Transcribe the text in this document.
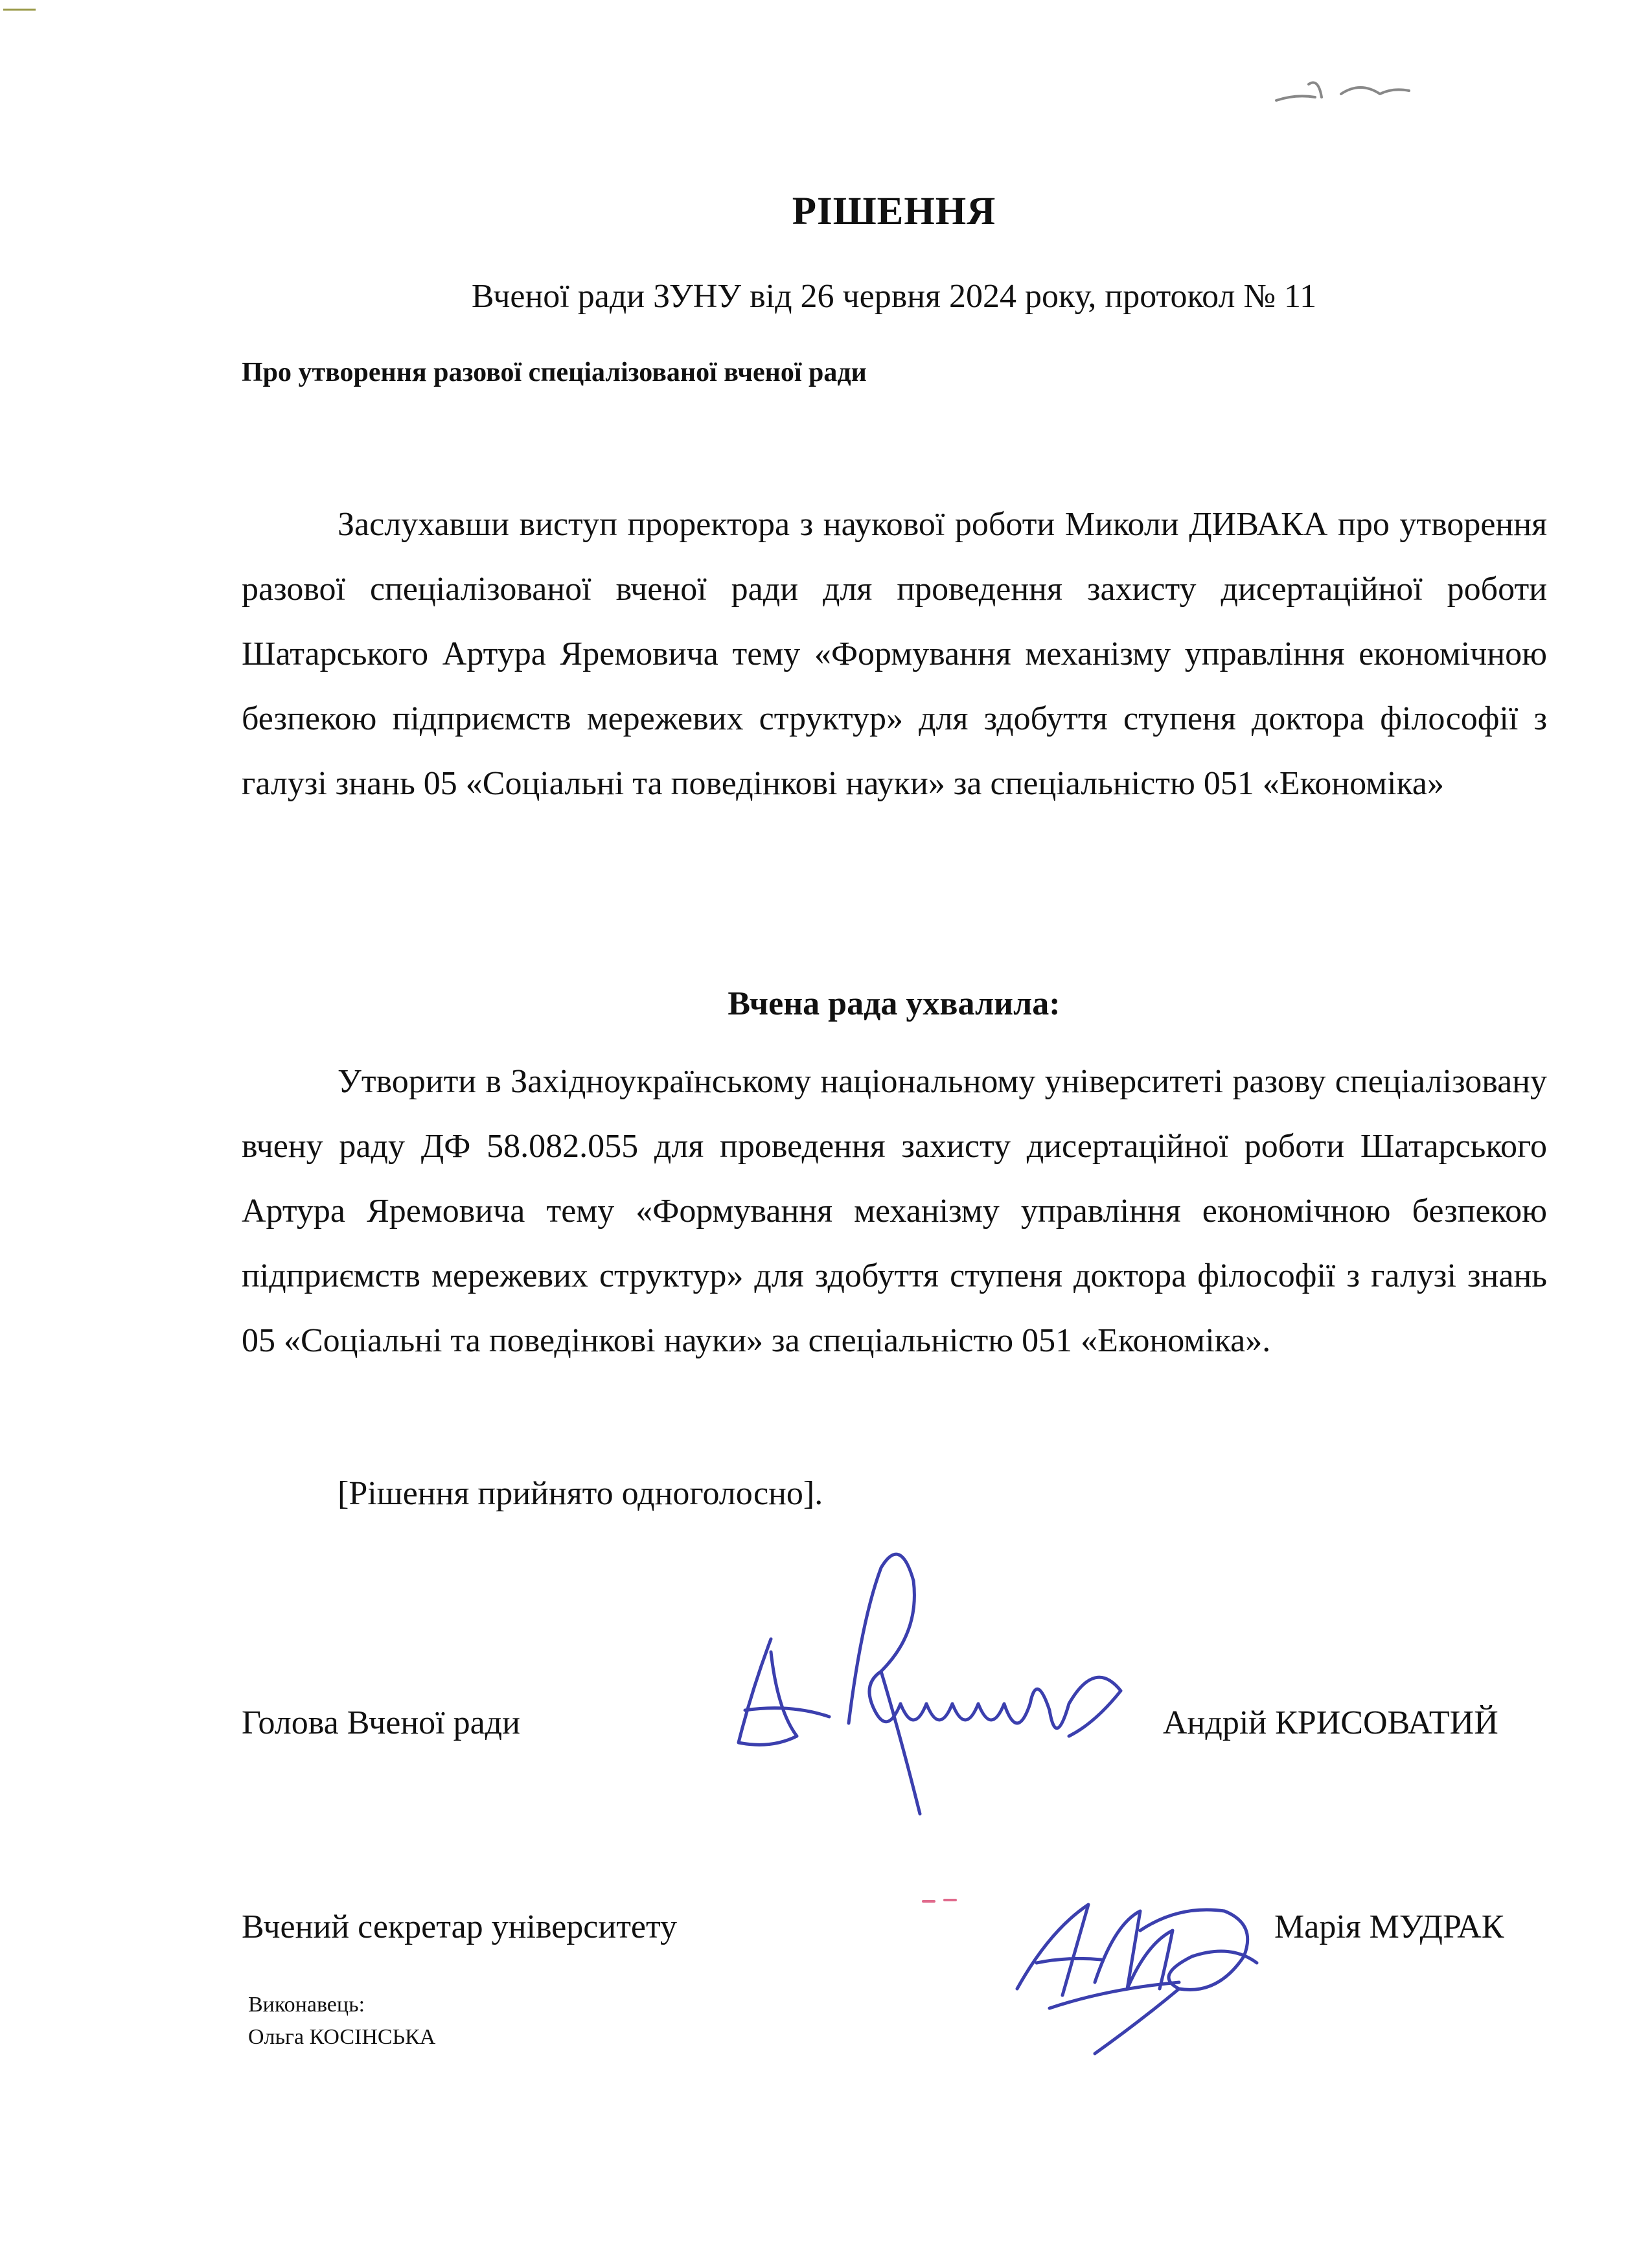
РІШЕННЯ
Вченої ради ЗУНУ від 26 червня 2024 року, протокол № 11
Про утворення разової спеціалізованої вченої ради
Заслухавши виступ проректора з наукової роботи Миколи ДИВАКА про утворення разової спеціалізованої вченої ради для проведення захисту дисертаційної роботи Шатарського Артура Яремовича тему «Формування механізму управління економічною безпекою підприємств мережевих структур» для здобуття ступеня доктора філософії з галузі знань 05 «Соціальні та поведінкові науки» за спеціальністю 051 «Економіка»
Вчена рада ухвалила:
Утворити в Західноукраїнському національному університеті разову спеціалізовану вчену раду ДФ 58.082.055 для проведення захисту дисертаційної роботи Шатарського Артура Яремовича тему «Формування механізму управління економічною безпекою підприємств мережевих структур» для здобуття ступеня доктора філософії з галузі знань 05 «Соціальні та поведінкові науки» за спеціальністю 051 «Економіка».
[Рішення прийнято одноголосно].
Голова Вченої ради	Андрій КРИСОВАТИЙ
Вчений секретар університету	Марія МУДРАК
Виконавець:
Ольга КОСІНСЬКА
